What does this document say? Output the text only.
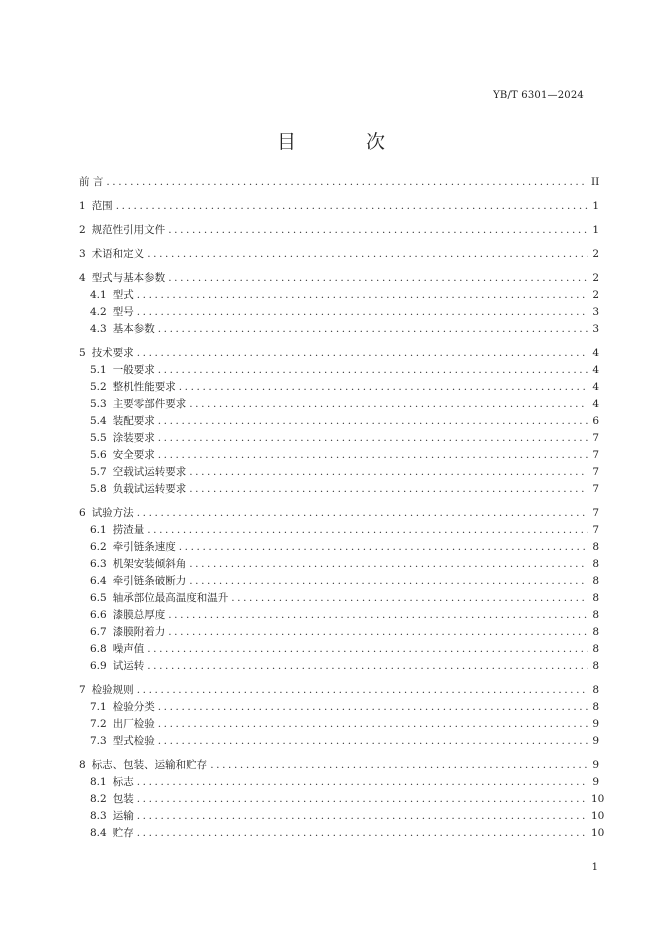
YB/T 6301—2024
目 次
前 言 .....	II
1 范围 .....	1
2 规范性引用文件 .....	1
3 术语和定义 .....	2
4 型式与基本参数 .....	2
4.1 型式 .....	2
4.2 型号 .....	3
4.3 基本参数 .....	3
5 技术要求 .....	4
5.1 一般要求 .....	4
5.2 整机性能要求 .....	4
5.3 主要零部件要求 .....	4
5.4 装配要求 .....	6
5.5 涂装要求 .....	7
5.6 安全要求 .....	7
5.7 空载试运转要求 .....	7
5.8 负载试运转要求 .....	7
6 试验方法 .....	7
6.1 捞渣量 .....	7
6.2 牵引链条速度 .....	8
6.3 机架安装倾斜角 .....	8
6.4 牵引链条破断力 .....	8
6.5 轴承部位最高温度和温升 .....	8
6.6 漆膜总厚度 .....	8
6.7 漆膜附着力 .....	8
6.8 噪声值 .....	8
6.9 试运转 .....	8
7 检验规则 .....	8
7.1 检验分类 .....	8
7.2 出厂检验 .....	9
7.3 型式检验 .....	9
8 标志、包装、运输和贮存 .....	9
8.1 标志 .....	9
8.2 包装 .....	10
8.3 运输 .....	10
8.4 贮存 .....	10
1
